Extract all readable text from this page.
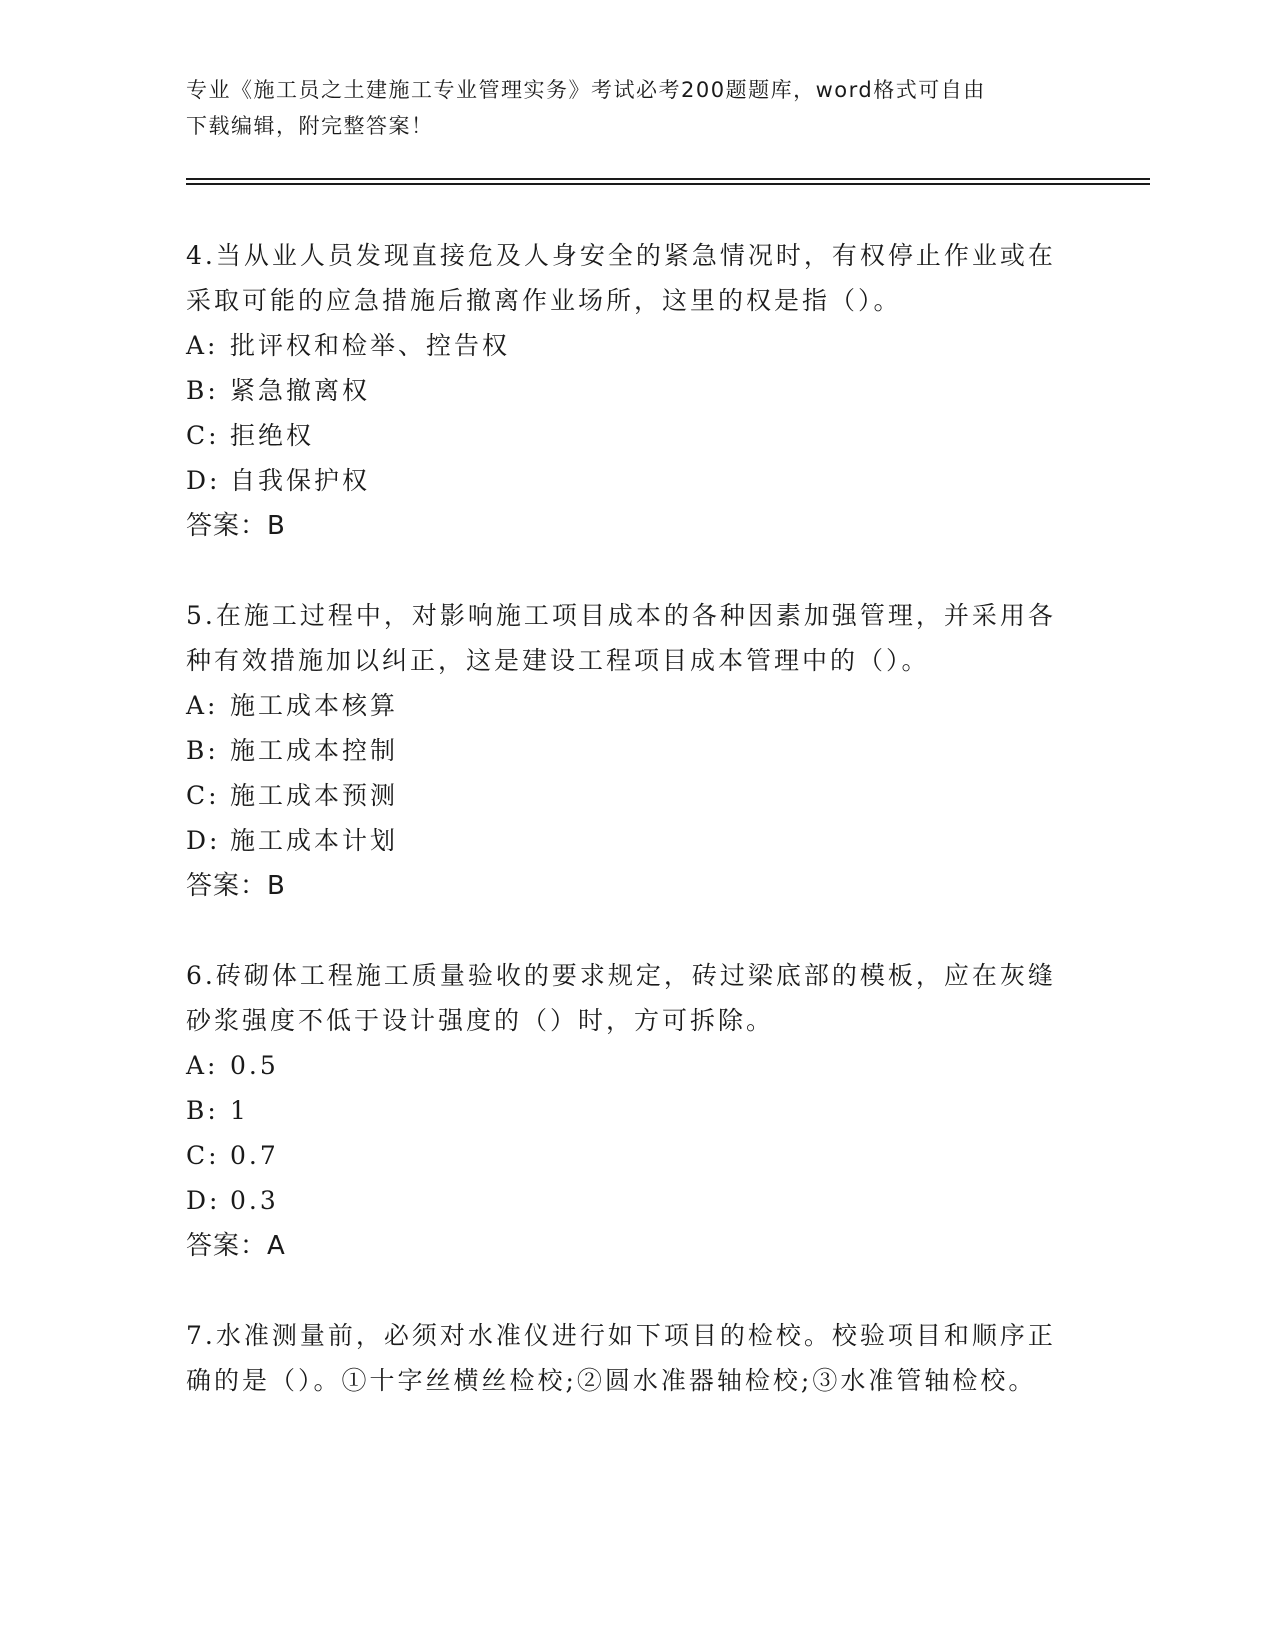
专业《施工员之土建施工专业管理实务》考试必考200题题库，word格式可自由
下载编辑，附完整答案！

4.当从业人员发现直接危及人身安全的紧急情况时，有权停止作业或在采取可能的应急措施后撤离作业场所，这里的权是指（）。

A: 批评权和检举、控告权

B: 紧急撤离权

C: 拒绝权

D: 自我保护权

答案：B

5.在施工过程中，对影响施工项目成本的各种因素加强管理，并采用各种有效措施加以纠正，这是建设工程项目成本管理中的（）。

A: 施工成本核算

B: 施工成本控制

C: 施工成本预测

D: 施工成本计划

答案：B

6.砖砌体工程施工质量验收的要求规定，砖过梁底部的模板，应在灰缝砂浆强度不低于设计强度的（）时，方可拆除。

A: 0.5

B: 1

C: 0.7

D: 0.3

答案：A

7.水准测量前，必须对水准仪进行如下项目的检校。校验项目和顺序正确的是（）。①十字丝横丝检校;②圆水准器轴检校;③水准管轴检校。
